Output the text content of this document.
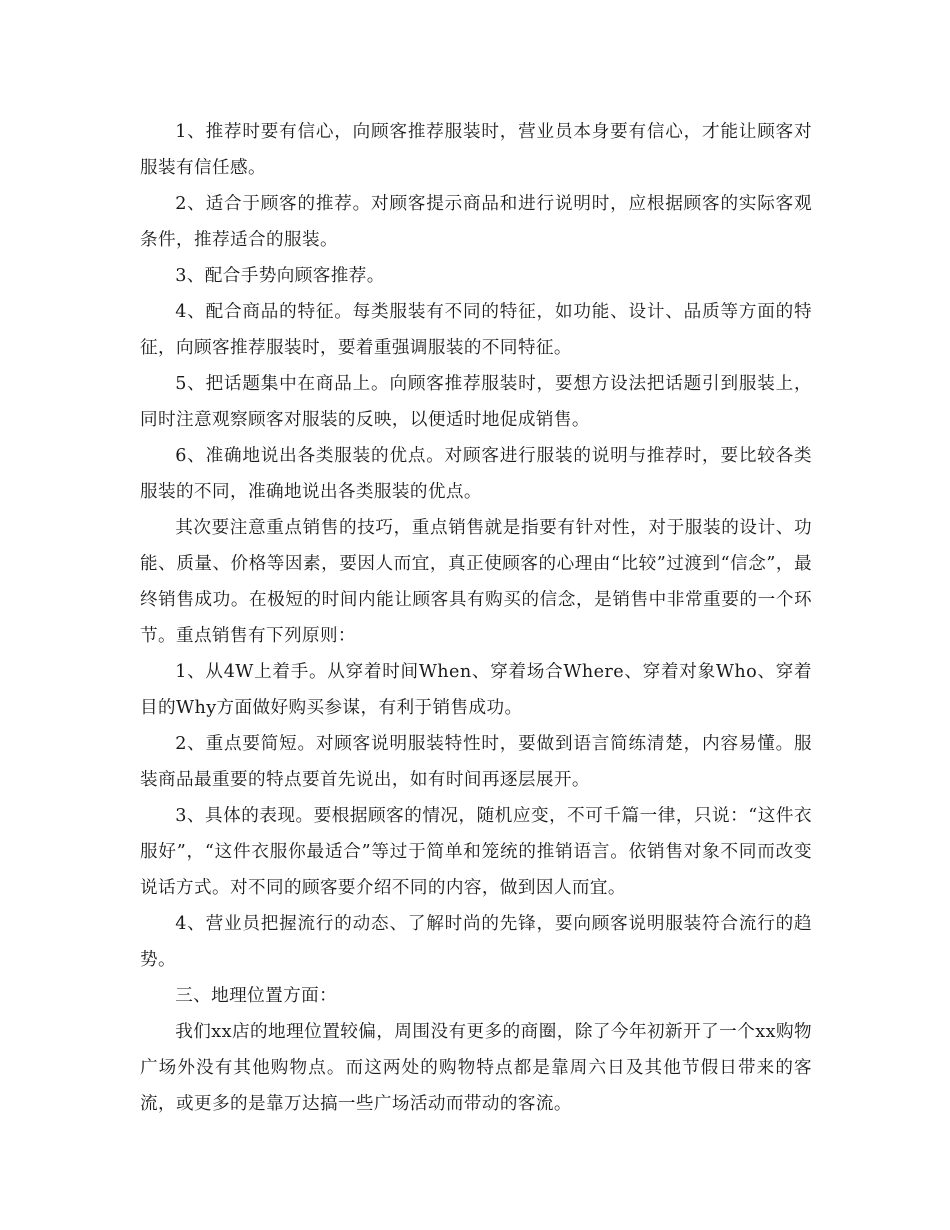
1、推荐时要有信心，向顾客推荐服装时，营业员本身要有信心，才能让顾客对服装有信任感。

2、适合于顾客的推荐。对顾客提示商品和进行说明时，应根据顾客的实际客观条件，推荐适合的服装。

3、配合手势向顾客推荐。

4、配合商品的特征。每类服装有不同的特征，如功能、设计、品质等方面的特征，向顾客推荐服装时，要着重强调服装的不同特征。

5、把话题集中在商品上。向顾客推荐服装时，要想方设法把话题引到服装上，同时注意观察顾客对服装的反映，以便适时地促成销售。

6、准确地说出各类服装的优点。对顾客进行服装的说明与推荐时，要比较各类服装的不同，准确地说出各类服装的优点。

其次要注意重点销售的技巧，重点销售就是指要有针对性，对于服装的设计、功能、质量、价格等因素，要因人而宜，真正使顾客的心理由“比较”过渡到“信念”，最终销售成功。在极短的时间内能让顾客具有购买的信念，是销售中非常重要的一个环节。重点销售有下列原则：

1、从4W上着手。从穿着时间When、穿着场合Where、穿着对象Who、穿着目的Why方面做好购买参谋，有利于销售成功。

2、重点要简短。对顾客说明服装特性时，要做到语言简练清楚，内容易懂。服装商品最重要的特点要首先说出，如有时间再逐层展开。

3、具体的表现。要根据顾客的情况，随机应变，不可千篇一律，只说：“这件衣服好”，“这件衣服你最适合”等过于简单和笼统的推销语言。依销售对象不同而改变说话方式。对不同的顾客要介绍不同的内容，做到因人而宜。

4、营业员把握流行的动态、了解时尚的先锋，要向顾客说明服装符合流行的趋势。

三、地理位置方面：

我们xx店的地理位置较偏，周围没有更多的商圈，除了今年初新开了一个xx购物广场外没有其他购物点。而这两处的购物特点都是靠周六日及其他节假日带来的客流，或更多的是靠万达搞一些广场活动而带动的客流。
